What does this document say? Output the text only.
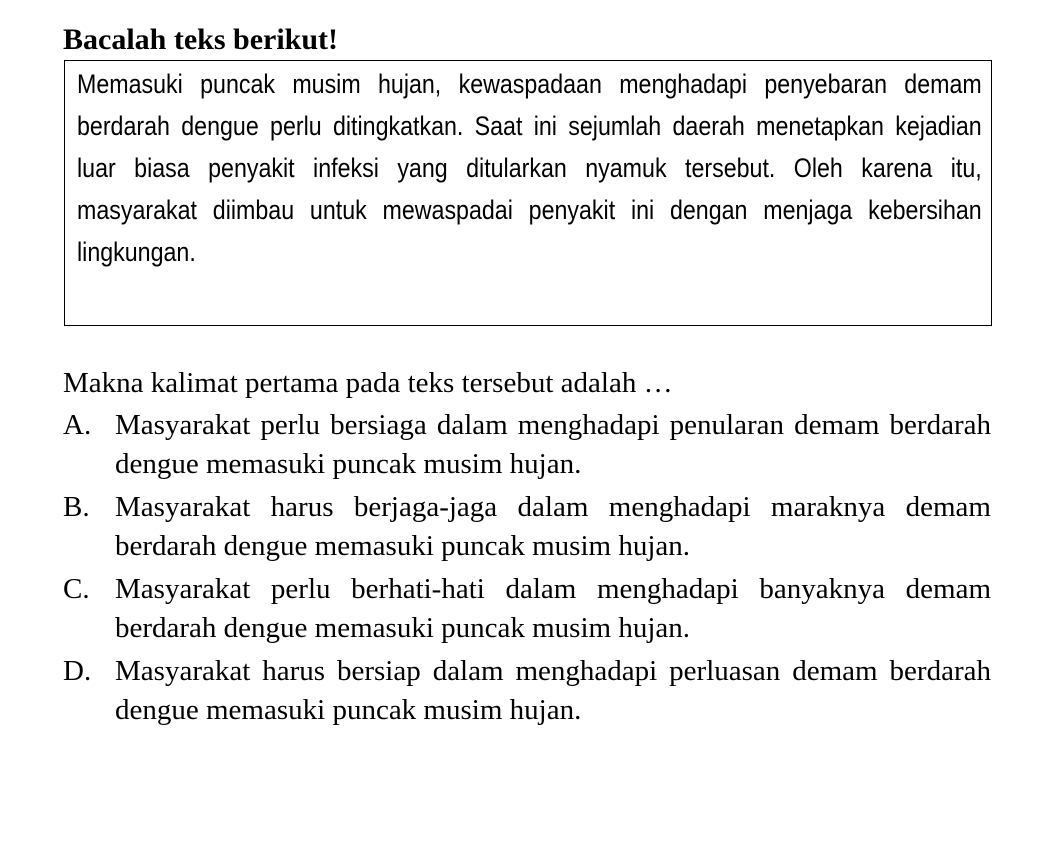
Bacalah teks berikut!

Memasuki puncak musim hujan, kewaspadaan menghadapi penyebaran demam berdarah dengue perlu ditingkatkan. Saat ini sejumlah daerah menetapkan kejadian luar biasa penyakit infeksi yang ditularkan nyamuk tersebut. Oleh karena itu, masyarakat diimbau untuk mewaspadai penyakit ini dengan menjaga kebersihan lingkungan.

Makna kalimat pertama pada teks tersebut adalah …

A. Masyarakat perlu bersiaga dalam menghadapi penularan demam berdarah dengue memasuki puncak musim hujan.
B. Masyarakat harus berjaga-jaga dalam menghadapi maraknya demam berdarah dengue memasuki puncak musim hujan.
C. Masyarakat perlu berhati-hati dalam menghadapi banyaknya demam berdarah dengue memasuki puncak musim hujan.
D. Masyarakat harus bersiap dalam menghadapi perluasan demam berdarah dengue memasuki puncak musim hujan.
